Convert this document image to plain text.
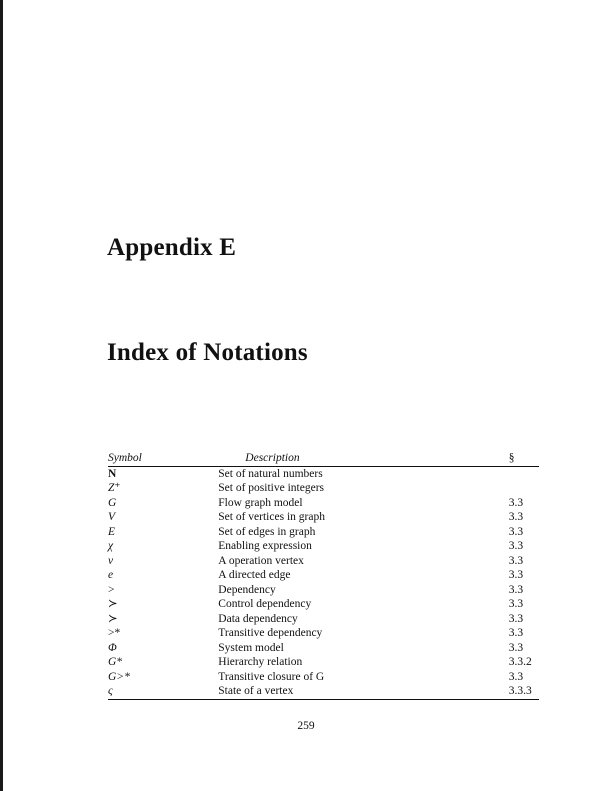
Appendix E
Index of Notations
Symbol	Description	§
N	Set of natural numbers	
Z⁺	Set of positive integers	
G	Flow graph model	3.3
V	Set of vertices in graph	3.3
E	Set of edges in graph	3.3
χ	Enabling expression	3.3
v	A operation vertex	3.3
e	A directed edge	3.3
>	Dependency	3.3
≻	Control dependency	3.3
≻	Data dependency	3.3
>*	Transitive dependency	3.3
Φ	System model	3.3
G*	Hierarchy relation	3.3.2
G>*	Transitive closure of G	3.3
ς	State of a vertex	3.3.3
259
